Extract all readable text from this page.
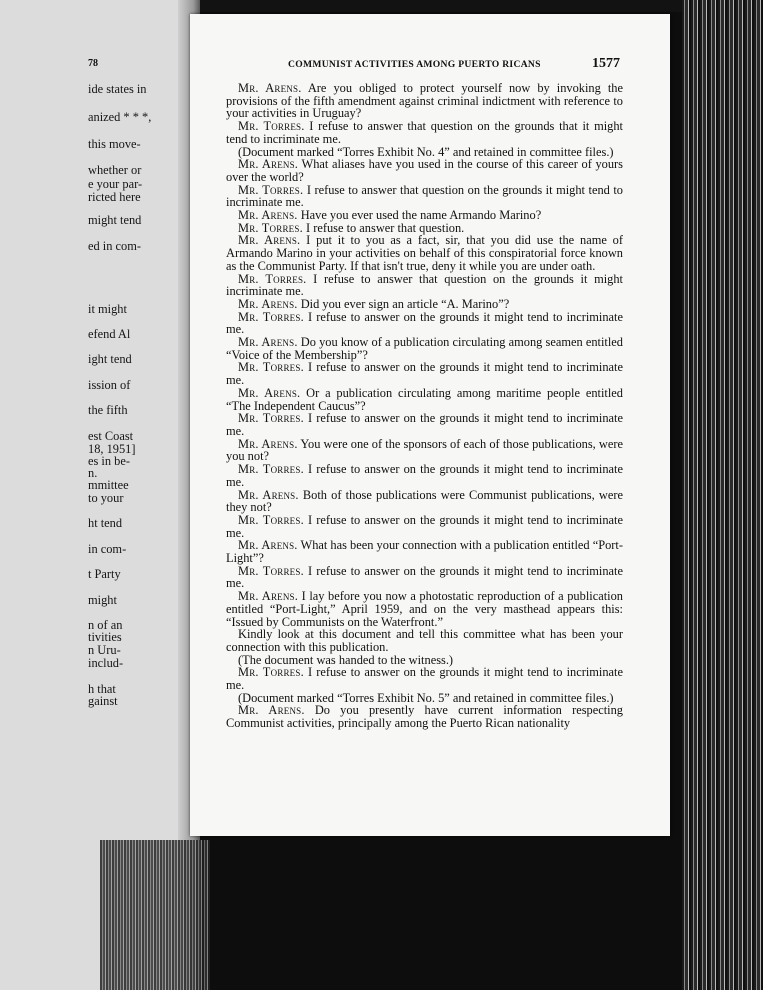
78
ide states in
anized * * *,
this move-
whether or
e your par-
ricted here
might tend
ed in com-
it might
efend Al
ight tend
ission of
the fifth
est Coast
18, 1951]
es in be-
n.
mmittee
to your
ht tend
in com-
t Party
might
n of an
tivities
n Uru-
includ-
h that
gainst
COMMUNIST ACTIVITIES AMONG PUERTO RICANS	1577

Mr. Arens. Are you obliged to protect yourself now by invoking the provisions of the fifth amendment against criminal indictment with reference to your activities in Uruguay?

Mr. Torres. I refuse to answer that question on the grounds that it might tend to incriminate me.

(Document marked “Torres Exhibit No. 4” and retained in committee files.)

Mr. Arens. What aliases have you used in the course of this career of yours over the world?

Mr. Torres. I refuse to answer that question on the grounds it might tend to incriminate me.

Mr. Arens. Have you ever used the name Armando Marino?

Mr. Torres. I refuse to answer that question.

Mr. Arens. I put it to you as a fact, sir, that you did use the name of Armando Marino in your activities on behalf of this conspiratorial force known as the Communist Party. If that isn't true, deny it while you are under oath.

Mr. Torres. I refuse to answer that question on the grounds it might incriminate me.

Mr. Arens. Did you ever sign an article “A. Marino”?

Mr. Torres. I refuse to answer on the grounds it might tend to incriminate me.

Mr. Arens. Do you know of a publication circulating among seamen entitled “Voice of the Membership”?

Mr. Torres. I refuse to answer on the grounds it might tend to incriminate me.

Mr. Arens. Or a publication circulating among maritime people entitled “The Independent Caucus”?

Mr. Torres. I refuse to answer on the grounds it might tend to incriminate me.

Mr. Arens. You were one of the sponsors of each of those publications, were you not?

Mr. Torres. I refuse to answer on the grounds it might tend to incriminate me.

Mr. Arens. Both of those publications were Communist publications, were they not?

Mr. Torres. I refuse to answer on the grounds it might tend to incriminate me.

Mr. Arens. What has been your connection with a publication entitled “Port-Light”?

Mr. Torres. I refuse to answer on the grounds it might tend to incriminate me.

Mr. Arens. I lay before you now a photostatic reproduction of a publication entitled “Port-Light,” April 1959, and on the very masthead appears this: “Issued by Communists on the Waterfront.”

Kindly look at this document and tell this committee what has been your connection with this publication.

(The document was handed to the witness.)

Mr. Torres. I refuse to answer on the grounds it might tend to incriminate me.

(Document marked “Torres Exhibit No. 5” and retained in committee files.)

Mr. Arens. Do you presently have current information respecting Communist activities, principally among the Puerto Rican nationality
